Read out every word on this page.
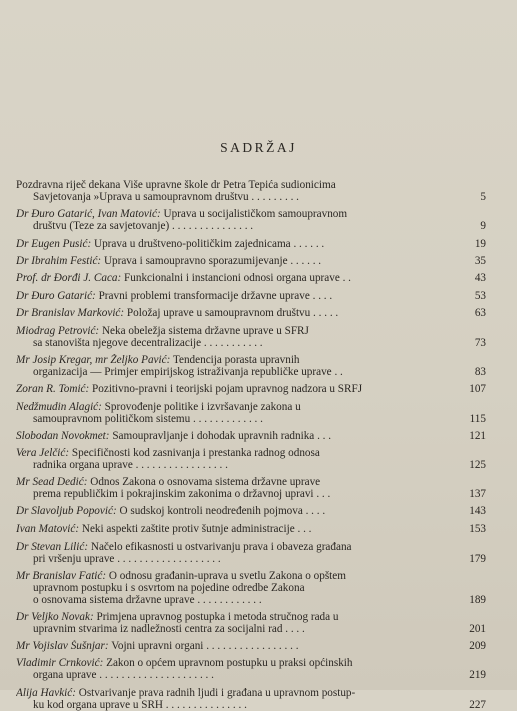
SADRŽAJ
Pozdravna riječ dekana Više upravne škole dr Petra Tepića sudionicima
Savjetovanja »Uprava u samoupravnom društvu . . . . . . . . .	5
Dr Đuro Gatarić, Ivan Matović: Uprava u socijalističkom samoupravnom
društvu (Teze za savjetovanje) . . . . . . . . . . . . . . .	9
Dr Eugen Pusić: Uprava u društveno-političkim zajednicama . . . . . .	19
Dr Ibrahim Festić: Uprava i samoupravno sporazumijevanje . . . . . .	35
Prof. dr Đorđi J. Caca: Funkcionalni i instancioni odnosi organa uprave . .	43
Dr Đuro Gatarić: Pravni problemi transformacije državne uprave . . . .	53
Dr Branislav Marković: Položaj uprave u samoupravnom društvu . . . . .	63
Miodrag Petrović: Neka obeležja sistema državne uprave u SFRJ
sa stanovišta njegove decentralizacije . . . . . . . . . . .	73
Mr Josip Kregar, mr Željko Pavić: Tendencija porasta upravnih
organizacija — Primjer empirijskog istraživanja republičke uprave . .	83
Zoran R. Tomić: Pozitivno-pravni i teorijski pojam upravnog nadzora u SRFJ	107
Nedžmudin Alagić: Sprovođenje politike i izvršavanje zakona u
samoupravnom političkom sistemu . . . . . . . . . . . . .	115
Slobodan Novokmet: Samoupravljanje i dohodak upravnih radnika . . .	121
Vera Jelčić: Specifičnosti kod zasnivanja i prestanka radnog odnosa
radnika organa uprave . . . . . . . . . . . . . . . . .	125
Mr Sead Dedić: Odnos Zakona o osnovama sistema državne uprave
prema republičkim i pokrajinskim zakonima o državnoj upravi . . .	137
Dr Slavoljub Popović: O sudskoj kontroli neodređenih pojmova . . . .	143
Ivan Matović: Neki aspekti zaštite protiv šutnje administracije . . .	153
Dr Stevan Lilić: Načelo efikasnosti u ostvarivanju prava i obaveza građana
pri vršenju uprave . . . . . . . . . . . . . . . . . . .	179
Mr Branislav Fatić: O odnosu građanin-uprava u svetlu Zakona o opštem
upravnom postupku i s osvrtom na pojedine odredbe Zakona
o osnovama sistema državne uprave . . . . . . . . . . . .	189
Dr Veljko Novak: Primjena upravnog postupka i metoda stručnog rada u
upravnim stvarima iz nadležnosti centra za socijalni rad . . . .	201
Mr Vojislav Šušnjar: Vojni upravni organi . . . . . . . . . . . . . . . . .	209
Vladimir Crnković: Zakon o općem upravnom postupku u praksi općinskih
organa uprave . . . . . . . . . . . . . . . . . . . . .	219
Alija Havkić: Ostvarivanje prava radnih ljudi i građana u upravnom postup-
ku kod organa uprave u SRH . . . . . . . . . . . . . . .	227
